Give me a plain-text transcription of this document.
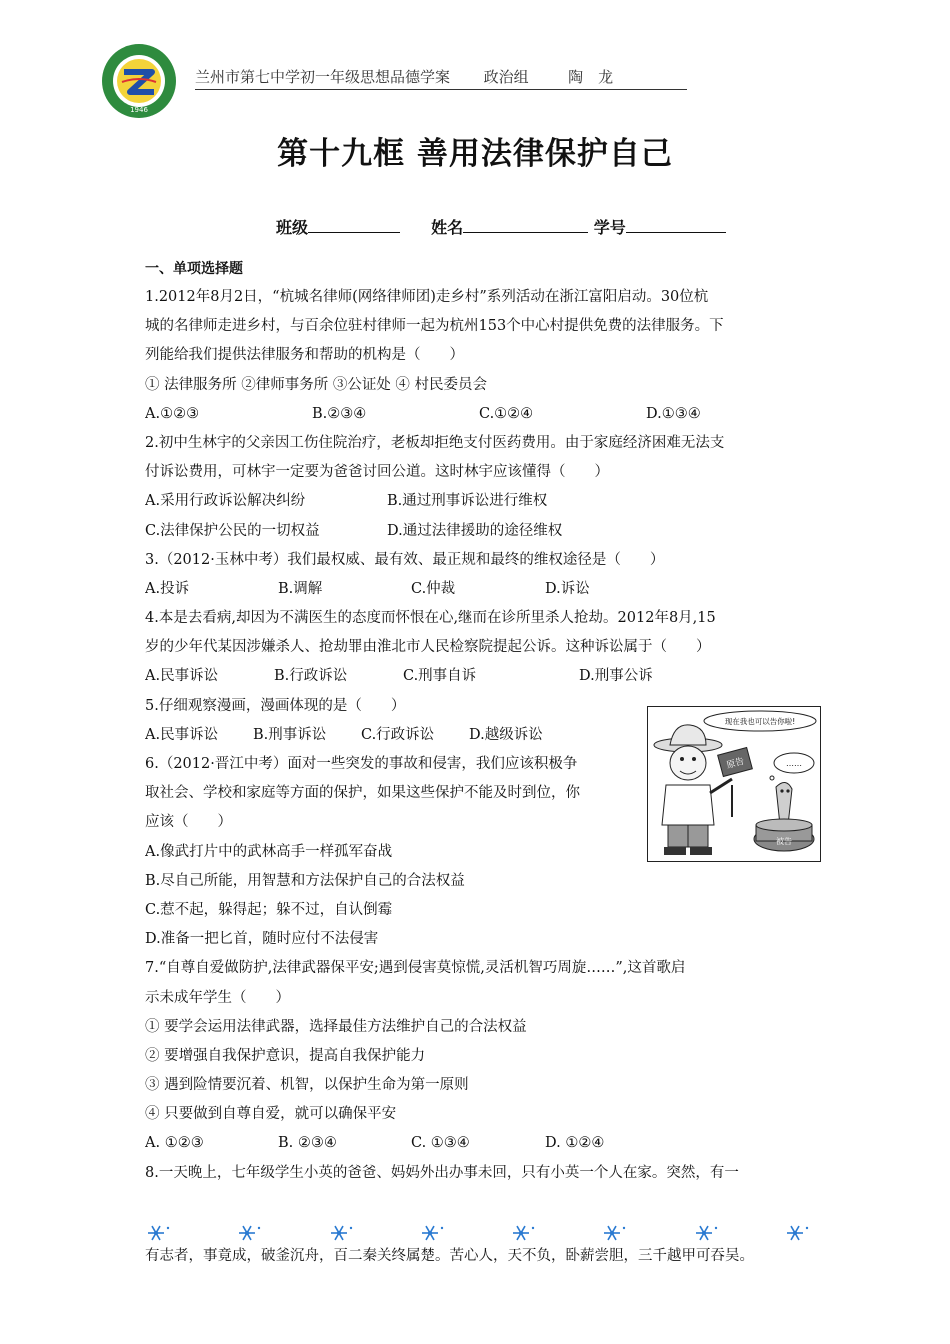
1946
兰州市第七中学初一年级思想品德学案 政治组	陶　龙
第十九框 善用法律保护自己
班级	姓名	学号
一、单项选择题
1.2012年8月2日，“杭城名律师(网络律师团)走乡村”系列活动在浙江富阳启动。30位杭
城的名律师走进乡村，与百余位驻村律师一起为杭州153个中心村提供免费的法律服务。下
列能给我们提供法律服务和帮助的机构是（　　）
① 法律服务所 ②律师事务所 ③公证处 ④ 村民委员会
A.①②③	B.②③④	C.①②④	D.①③④
2.初中生林宇的父亲因工伤住院治疗，老板却拒绝支付医药费用。由于家庭经济困难无法支
付诉讼费用，可林宇一定要为爸爸讨回公道。这时林宇应该懂得（　　）
A.采用行政诉讼解决纠纷	B.通过刑事诉讼进行维权
C.法律保护公民的一切权益	D.通过法律援助的途径维权
3.（2012·玉林中考）我们最权威、最有效、最正规和最终的维权途径是（　　）
A.投诉	B.调解	C.仲裁	D.诉讼
4.本是去看病,却因为不满医生的态度而怀恨在心,继而在诊所里杀人抢劫。2012年8月,15
岁的少年代某因涉嫌杀人、抢劫罪由淮北市人民检察院提起公诉。这种诉讼属于（　　）
A.民事诉讼	B.行政诉讼	C.刑事自诉	D.刑事公诉
5.仔细观察漫画，漫画体现的是（　　）
A.民事诉讼	B.刑事诉讼	C.行政诉讼	D.越级诉讼
6.（2012·晋江中考）面对一些突发的事故和侵害，我们应该积极争
取社会、学校和家庭等方面的保护，如果这些保护不能及时到位，你
应该（　　）
A.像武打片中的武林高手一样孤军奋战
B.尽自己所能，用智慧和方法保护自己的合法权益
C.惹不起，躲得起；躲不过，自认倒霉
D.准备一把匕首，随时应付不法侵害
7.“自尊自爱做防护,法律武器保平安;遇到侵害莫惊慌,灵活机智巧周旋……”,这首歌启
示未成年学生（　　）
① 要学会运用法律武器，选择最佳方法维护自己的合法权益
② 要增强自我保护意识，提高自我保护能力
③ 遇到险情要沉着、机智，以保护生命为第一原则
④ 只要做到自尊自爱，就可以确保平安
A. ①②③	B. ②③④	C. ①③④	D. ①②④
8.一天晚上，七年级学生小英的爸爸、妈妈外出办事未回，只有小英一个人在家。突然，有一
现在我也可以告你啦!
……
原告
被告
有志者，事竟成，破釜沉舟，百二秦关终属楚。苦心人，天不负，卧薪尝胆，三千越甲可吞吴。
